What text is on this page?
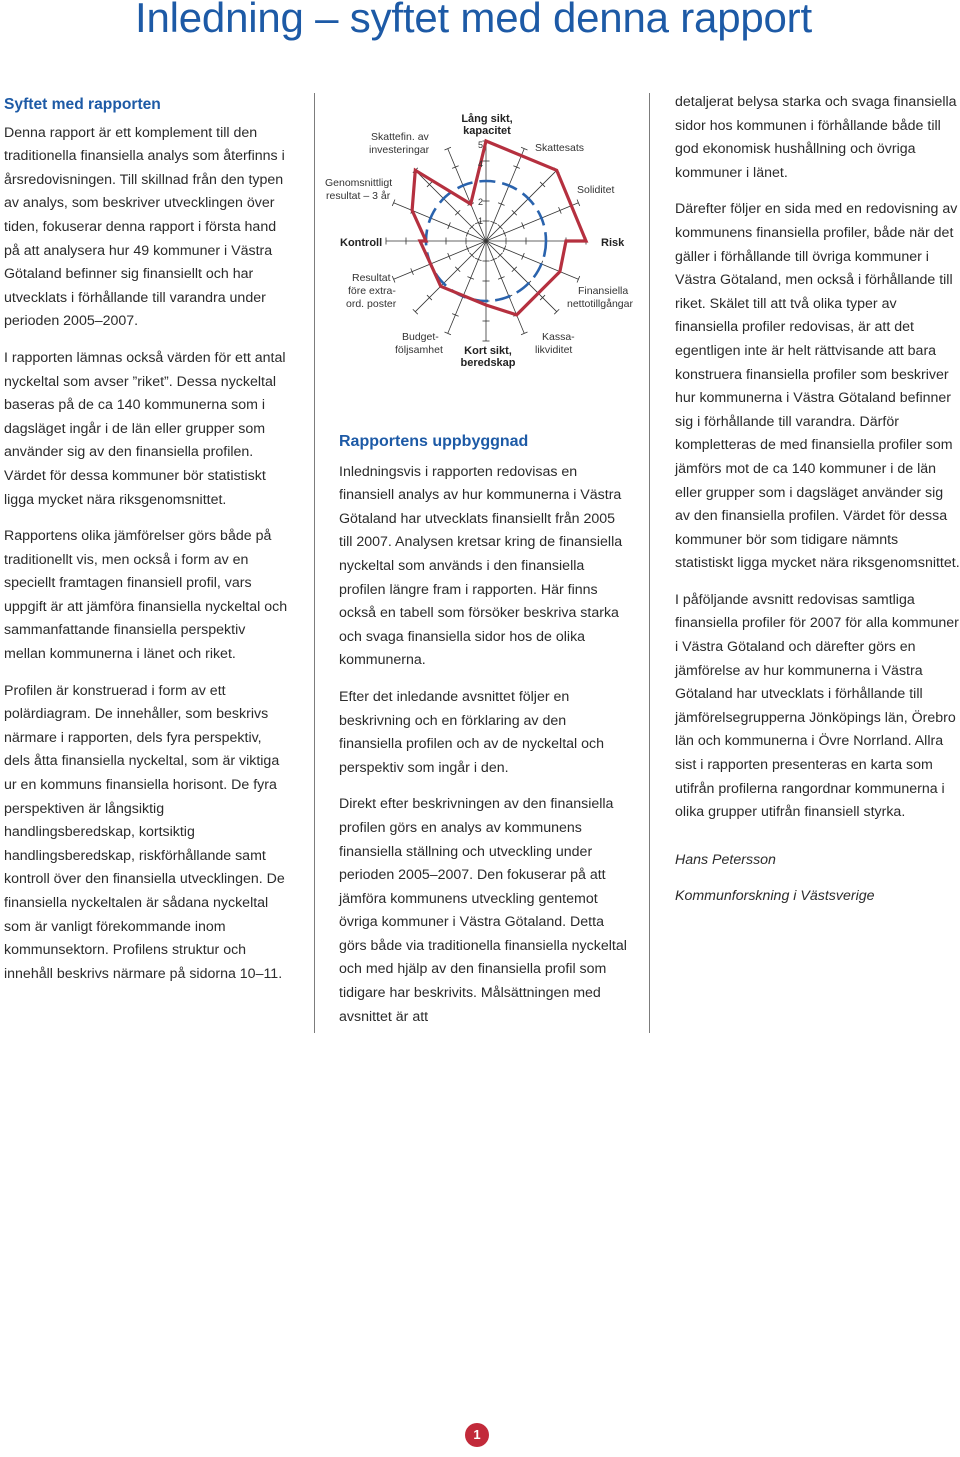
Inledning – syftet med denna rapport
Syftet med rapporten

Denna rapport är ett komplement till den traditionella finansiella analys som återfinns i årsredovisningen. Till skillnad från den typen av analys, som beskriver utvecklingen över tiden, fokuserar denna rapport i första hand på att analysera hur 49 kommuner i Västra Götaland befinner sig finansiellt och har utvecklats i förhållande till varandra under perioden 2005–2007.

I rapporten lämnas också värden för ett antal nyckeltal som avser ”riket”. Dessa nyckeltal baseras på de ca 140 kommunerna som i dagsläget ingår i de län eller grupper som använder sig av den finansiella profilen. Värdet för dessa kommuner bör statistiskt ligga mycket nära riksgenomsnittet.

Rapportens olika jämförelser görs både på traditionellt vis, men också i form av en speciellt framtagen finansiell profil, vars uppgift är att jämföra finansiella nyckeltal och sammanfattande finansiella perspektiv mellan kommunerna i länet och riket.

Profilen är konstruerad i form av ett polärdiagram. De innehåller, som beskrivs närmare i rapporten, dels fyra perspektiv, dels åtta finansiella nyckeltal, som är viktiga ur en kommuns finansiella horisont. De fyra perspektiven är långsiktig handlingsberedskap, kortsiktig handlingsberedskap, riskförhållande samt kontroll över den finansiella utvecklingen. De finansiella nyckeltalen är sådana nyckeltal som är vanligt förekommande inom kommunsektorn. Profilens struktur och innehåll beskrivs närmare på sidorna 10–11.

Lång sikt, kapacitet
Risk
Kort sikt, beredskap
Kontroll
Skattesats
Soliditet
Finansiella
nettotillgångar
Kassa-
likviditet
Budget-
följsamhet
Resultat
före extra-
ord. poster
Genomsnittligt
resultat – 3 år
Skattefin. av
investeringar
1
2
4
5
Rapportens uppbyggnad

Inledningsvis i rapporten redovisas en finansiell analys av hur kommunerna i Västra Götaland har utvecklats finansiellt från 2005 till 2007. Analysen kretsar kring de finansiella nyckeltal som används i den finansiella profilen längre fram i rapporten. Här finns också en tabell som försöker beskriva starka och svaga finansiella sidor hos de olika kommunerna.

Efter det inledande avsnittet följer en beskrivning och en förklaring av den finansiella profilen och av de nyckeltal och perspektiv som ingår i den.

Direkt efter beskrivningen av den finansiella profilen görs en analys av kommunens finansiella ställning och utveckling under perioden 2005–2007. Den fokuserar på att jämföra kommunens utveckling gentemot övriga kommuner i Västra Götaland. Detta görs både via traditionella finansiella nyckeltal och med hjälp av den finansiella profil som tidigare har beskrivits. Målsättningen med avsnittet är att

detaljerat belysa starka och svaga finansiella sidor hos kommunen i förhållande både till god ekonomisk hushållning och övriga kommuner i länet.

Därefter följer en sida med en redovisning av kommunens finansiella profiler, både när det gäller i förhållande till övriga kommuner i Västra Götaland, men också i förhållande till riket. Skälet till att två olika typer av finansiella profiler redovisas, är att det egentligen inte är helt rättvisande att bara konstruera finansiella profiler som beskriver hur kommunerna i Västra Götaland befinner sig i förhållande till varandra. Därför kompletteras de med finansiella profiler som jämförs mot de ca 140 kommuner i de län eller grupper som i dagsläget använder sig av den finansiella profilen. Värdet för dessa kommuner bör som tidigare nämnts statistiskt ligga mycket nära riksgenomsnittet.

I påföljande avsnitt redovisas samtliga finansiella profiler för 2007 för alla kommuner i Västra Götaland och därefter görs en jämförelse av hur kommunerna i Västra Götaland har utvecklats i förhållande till jämförelsegrupperna Jönköpings län, Örebro län och kommunerna i Övre Norrland. Allra sist i rapporten presenteras en karta som utifrån profilerna rangordnar kommunerna i olika grupper utifrån finansiell styrka.

Hans Petersson

Kommunforskning i Västsverige

1
